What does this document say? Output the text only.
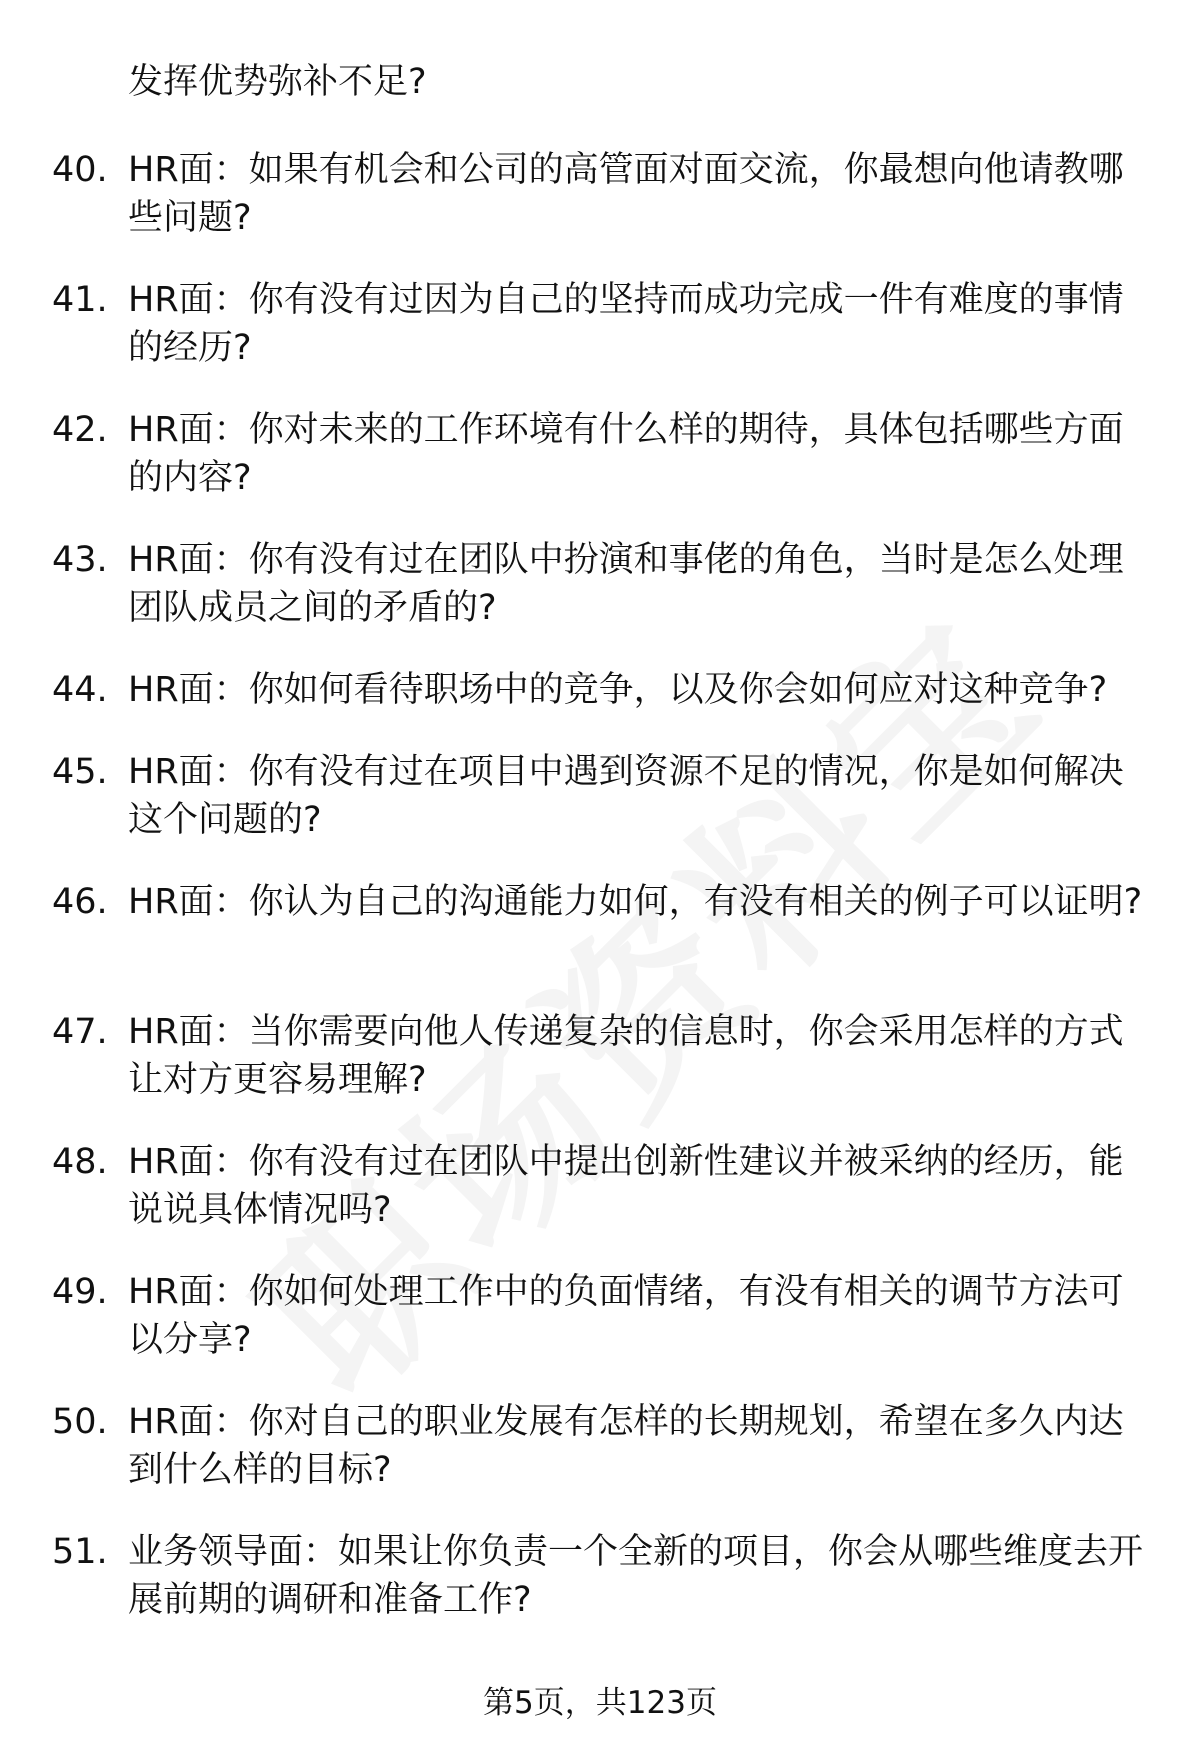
发挥优势弥补不足?
40. HR面：如果有机会和公司的高管面对面交流，你最想向他请教哪些问题?
41. HR面：你有没有过因为自己的坚持而成功完成一件有难度的事情的经历?
42. HR面：你对未来的工作环境有什么样的期待，具体包括哪些方面的内容?
43. HR面：你有没有过在团队中扮演和事佬的角色，当时是怎么处理团队成员之间的矛盾的?
44. HR面：你如何看待职场中的竞争，以及你会如何应对这种竞争?
45. HR面：你有没有过在项目中遇到资源不足的情况，你是如何解决这个问题的?
46. HR面：你认为自己的沟通能力如何，有没有相关的例子可以证明?
47. HR面：当你需要向他人传递复杂的信息时，你会采用怎样的方式让对方更容易理解?
48. HR面：你有没有过在团队中提出创新性建议并被采纳的经历，能说说具体情况吗?
49. HR面：你如何处理工作中的负面情绪，有没有相关的调节方法可以分享?
50. HR面：你对自己的职业发展有怎样的长期规划，希望在多久内达到什么样的目标?
51. 业务领导面：如果让你负责一个全新的项目，你会从哪些维度去开展前期的调研和准备工作?
第5页，共123页
